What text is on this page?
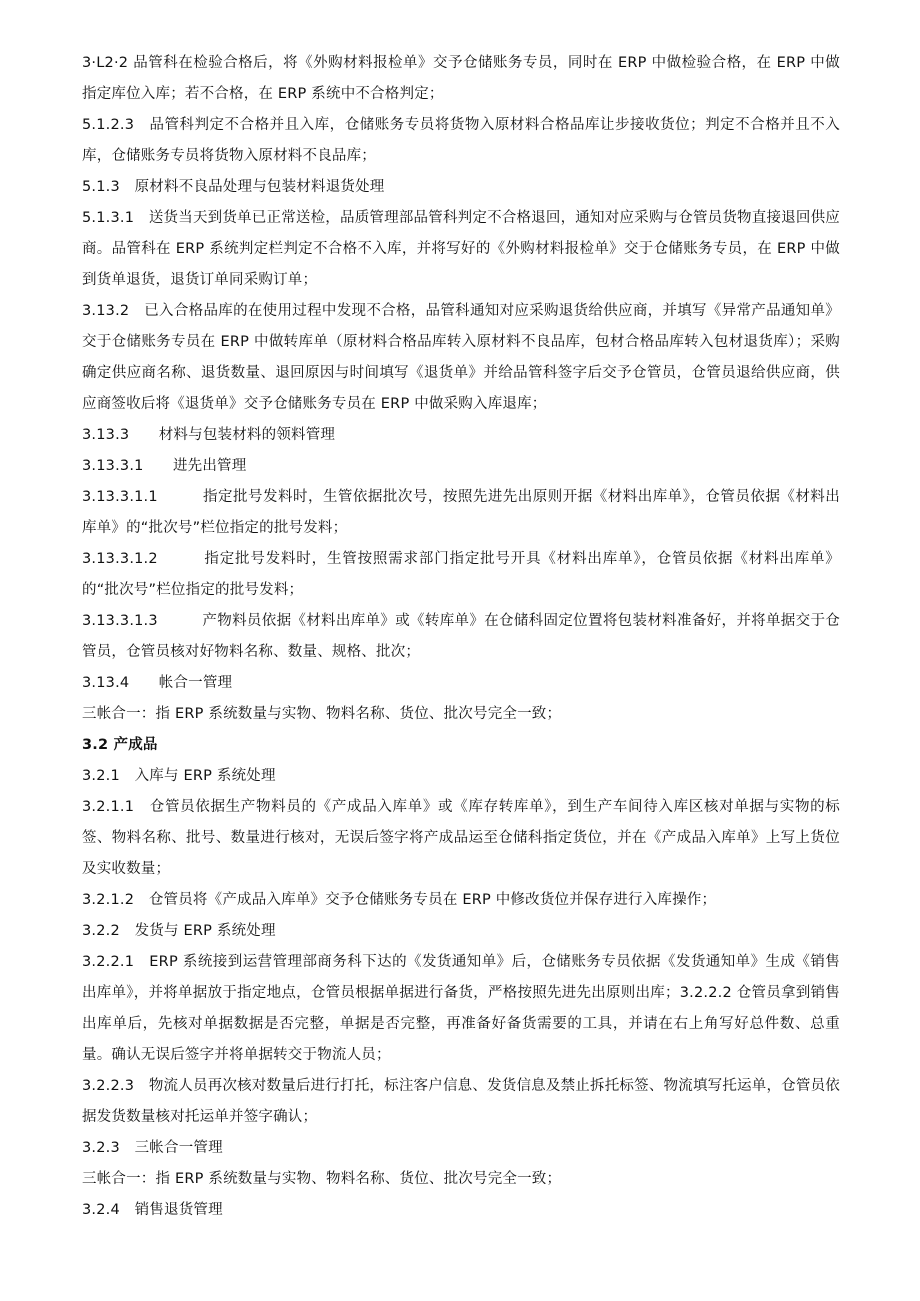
3·L2·2 品管科在检验合格后，将《外购材料报检单》交予仓储账务专员，同时在 ERP 中做检验合格，在 ERP 中做指定库位入库；若不合格，在 ERP 系统中不合格判定；

5.1.2.3　品管科判定不合格并且入库，仓储账务专员将货物入原材料合格品库让步接收货位；判定不合格并且不入库，仓储账务专员将货物入原材料不良品库；

5.1.3　原材料不良品处理与包装材料退货处理

5.1.3.1　送货当天到货单已正常送检，品质管理部品管科判定不合格退回，通知对应采购与仓管员货物直接退回供应商。品管科在 ERP 系统判定栏判定不合格不入库，并将写好的《外购材料报检单》交于仓储账务专员，在 ERP 中做到货单退货，退货订单同采购订单；

3.13.2　已入合格品库的在使用过程中发现不合格，品管科通知对应采购退货给供应商，并填写《异常产品通知单》交于仓储账务专员在 ERP 中做转库单（原材料合格品库转入原材料不良品库，包材合格品库转入包材退货库）；采购确定供应商名称、退货数量、退回原因与时间填写《退货单》并给品管科签字后交予仓管员，仓管员退给供应商，供应商签收后将《退货单》交予仓储账务专员在 ERP 中做采购入库退库；

3.13.3　　材料与包装材料的领料管理

3.13.3.1　　进先出管理

3.13.3.1.1　　　指定批号发料时，生管依据批次号，按照先进先出原则开据《材料出库单》，仓管员依据《材料出库单》的“批次号”栏位指定的批号发料；

3.13.3.1.2　　　指定批号发料时，生管按照需求部门指定批号开具《材料出库单》，仓管员依据《材料出库单》的“批次号”栏位指定的批号发料；

3.13.3.1.3　　　产物料员依据《材料出库单》或《转库单》在仓储科固定位置将包装材料准备好，并将单据交于仓管员，仓管员核对好物料名称、数量、规格、批次；

3.13.4　　帐合一管理

三帐合一：指 ERP 系统数量与实物、物料名称、货位、批次号完全一致；

3.2 产成品

3.2.1　入库与 ERP 系统处理

3.2.1.1　仓管员依据生产物料员的《产成品入库单》或《库存转库单》，到生产车间待入库区核对单据与实物的标签、物料名称、批号、数量进行核对，无误后签字将产成品运至仓储科指定货位，并在《产成品入库单》上写上货位及实收数量；

3.2.1.2　仓管员将《产成品入库单》交予仓储账务专员在 ERP 中修改货位并保存进行入库操作；

3.2.2　发货与 ERP 系统处理

3.2.2.1　ERP 系统接到运营管理部商务科下达的《发货通知单》后，仓储账务专员依据《发货通知单》生成《销售出库单》，并将单据放于指定地点，仓管员根据单据进行备货，严格按照先进先出原则出库；3.2.2.2 仓管员拿到销售出库单后，先核对单据数据是否完整，单据是否完整，再准备好备货需要的工具，并请在右上角写好总件数、总重量。确认无误后签字并将单据转交于物流人员；

3.2.2.3　物流人员再次核对数量后进行打托，标注客户信息、发货信息及禁止拆托标签、物流填写托运单，仓管员依据发货数量核对托运单并签字确认；

3.2.3　三帐合一管理

三帐合一：指 ERP 系统数量与实物、物料名称、货位、批次号完全一致；

3.2.4　销售退货管理
